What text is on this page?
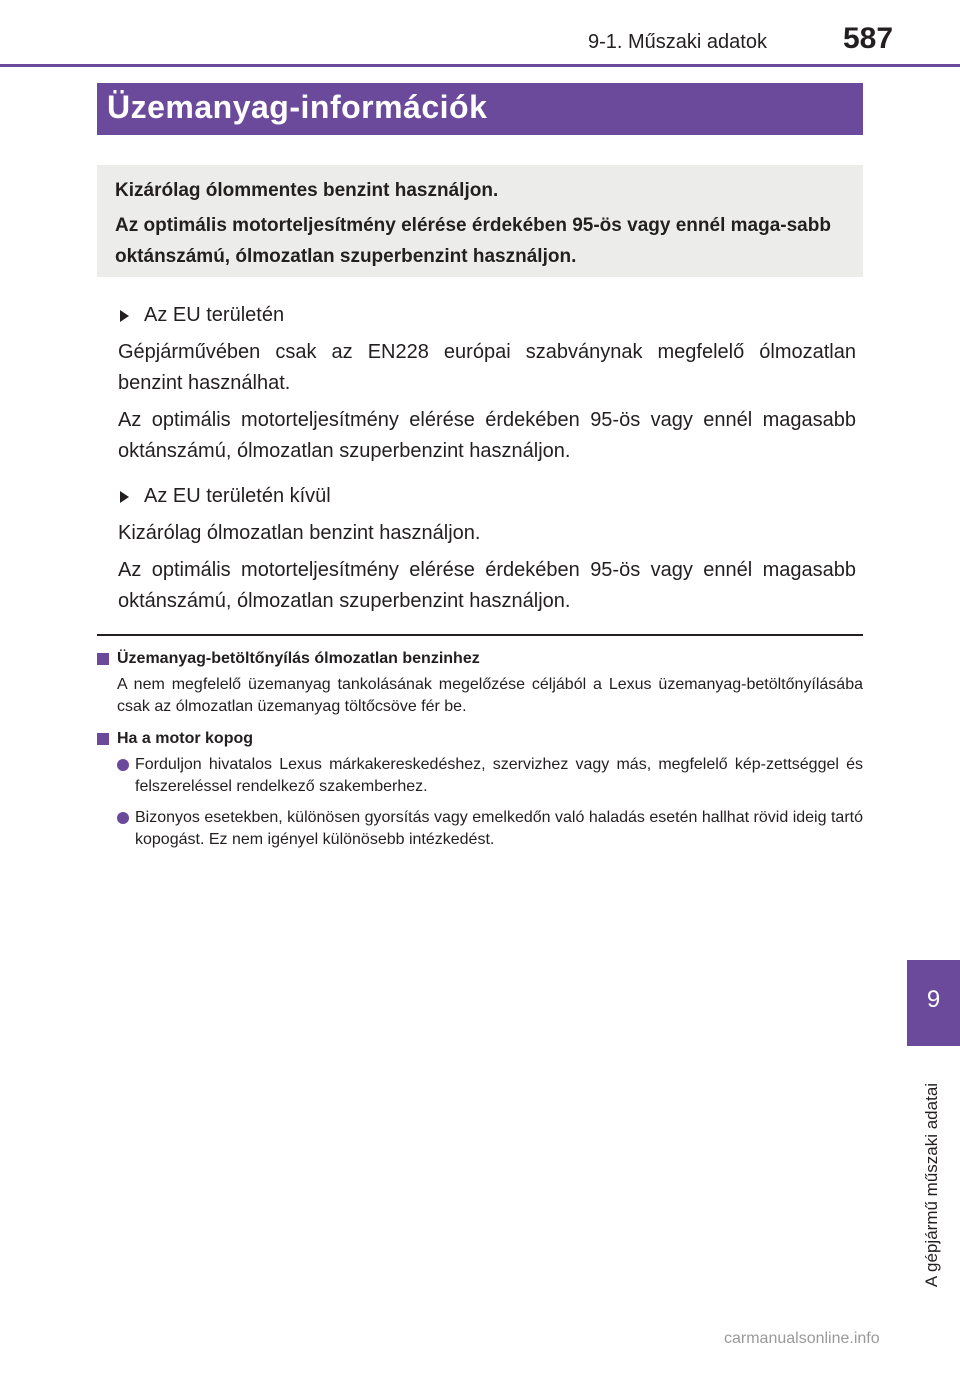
9-1. Műszaki adatok	587
Üzemanyag-információk

Kizárólag ólommentes benzint használjon.

Az optimális motorteljesítmény elérése érdekében 95-ös vagy ennél maga-sabb oktánszámú, ólmozatlan szuperbenzint használjon.

Az EU területén

Gépjárművében csak az EN228 európai szabványnak megfelelő ólmozatlan benzint használhat.

Az optimális motorteljesítmény elérése érdekében 95-ös vagy ennél magasabb oktánszámú, ólmozatlan szuperbenzint használjon.

Az EU területén kívül

Kizárólag ólmozatlan benzint használjon.

Az optimális motorteljesítmény elérése érdekében 95-ös vagy ennél magasabb oktánszámú, ólmozatlan szuperbenzint használjon.

Üzemanyag-betöltőnyílás ólmozatlan benzinhez

A nem megfelelő üzemanyag tankolásának megelőzése céljából a Lexus üzemanyag-betöltőnyílásába csak az ólmozatlan üzemanyag töltőcsöve fér be.

Ha a motor kopog
Forduljon hivatalos Lexus márkakereskedéshez, szervizhez vagy más, megfelelő kép-zettséggel és felszereléssel rendelkező szakemberhez.
Bizonyos esetekben, különösen gyorsítás vagy emelkedőn való haladás esetén hallhat rövid ideig tartó kopogást. Ez nem igényel különösebb intézkedést.
9
A gépjármű műszaki adatai
carmanualsonline.info
